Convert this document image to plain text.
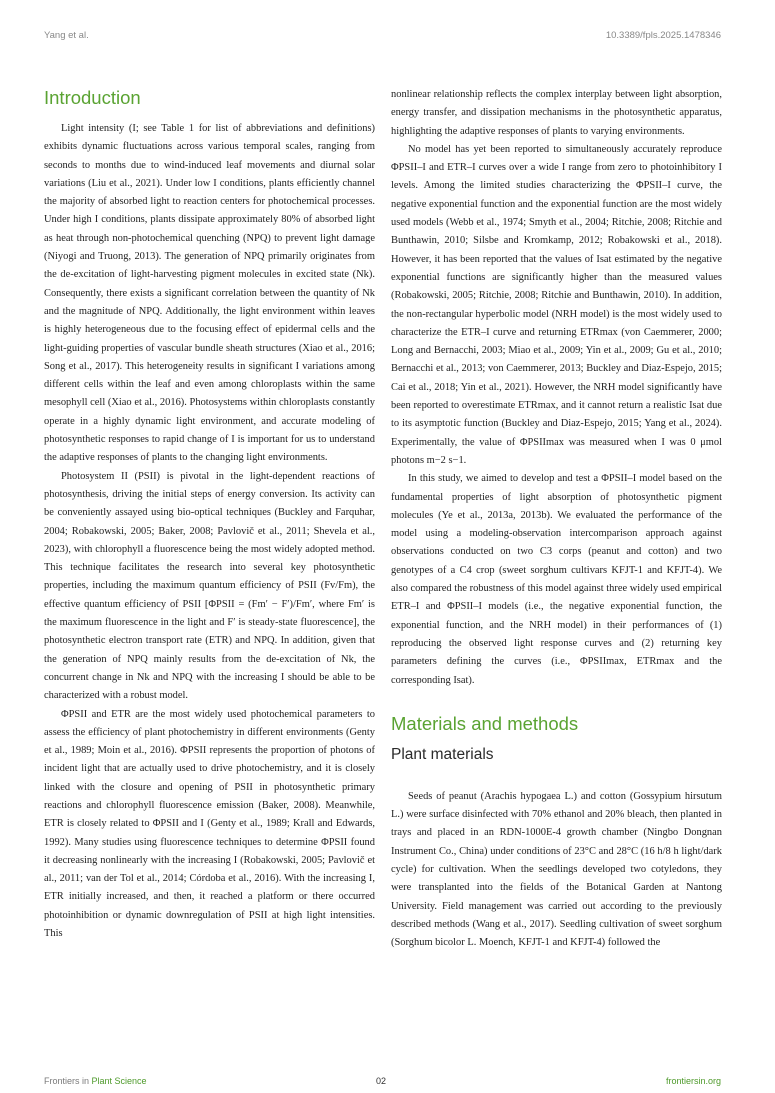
Yang et al.	10.3389/fpls.2025.1478346
Introduction

Light intensity (I; see Table 1 for list of abbreviations and definitions) exhibits dynamic fluctuations across various temporal scales, ranging from seconds to months due to wind-induced leaf movements and diurnal solar variations (Liu et al., 2021). Under low I conditions, plants efficiently channel the majority of absorbed light to reaction centers for photochemical processes. Under high I conditions, plants dissipate approximately 80% of absorbed light as heat through non-photochemical quenching (NPQ) to prevent light damage (Niyogi and Truong, 2013). The generation of NPQ primarily originates from the de-excitation of light-harvesting pigment molecules in excited state (Nk). Consequently, there exists a significant correlation between the quantity of Nk and the magnitude of NPQ. Additionally, the light environment within leaves is highly heterogeneous due to the focusing effect of epidermal cells and the light-guiding properties of vascular bundle sheath structures (Xiao et al., 2016; Song et al., 2017). This heterogeneity results in significant I variations among different cells within the leaf and even among chloroplasts within the same mesophyll cell (Xiao et al., 2016). Photosystems within chloroplasts constantly operate in a highly dynamic light environment, and accurate modeling of photosynthetic responses to rapid change of I is important for us to understand the adaptive responses of plants to the changing light environments.

Photosystem II (PSII) is pivotal in the light-dependent reactions of photosynthesis, driving the initial steps of energy conversion. Its activity can be conveniently assayed using bio-optical techniques (Buckley and Farquhar, 2004; Robakowski, 2005; Baker, 2008; Pavlovič et al., 2011; Shevela et al., 2023), with chlorophyll a fluorescence being the most widely adopted method. This technique facilitates the research into several key photosynthetic properties, including the maximum quantum efficiency of PSII (Fv/Fm), the effective quantum efficiency of PSII [ΦPSII = (Fm′ − F′)/Fm′, where Fm′ is the maximum fluorescence in the light and F′ is steady-state fluorescence], the photosynthetic electron transport rate (ETR) and NPQ. In addition, given that the generation of NPQ mainly results from the de-excitation of Nk, the concurrent change in Nk and NPQ with the increasing I should be able to be characterized with a robust model.

ΦPSII and ETR are the most widely used photochemical parameters to assess the efficiency of plant photochemistry in different environments (Genty et al., 1989; Moin et al., 2016). ΦPSII represents the proportion of photons of incident light that are actually used to drive photochemistry, and it is closely linked with the closure and opening of PSII in photosynthetic primary reactions and chlorophyll fluorescence emission (Baker, 2008). Meanwhile, ETR is closely related to ΦPSII and I (Genty et al., 1989; Krall and Edwards, 1992). Many studies using fluorescence techniques to determine ΦPSII found it decreasing nonlinearly with the increasing I (Robakowski, 2005; Pavlovič et al., 2011; van der Tol et al., 2014; Córdoba et al., 2016). With the increasing I, ETR initially increased, and then, it reached a platform or there occurred photoinhibition or dynamic downregulation of PSII at high light intensities. This

nonlinear relationship reflects the complex interplay between light absorption, energy transfer, and dissipation mechanisms in the photosynthetic apparatus, highlighting the adaptive responses of plants to varying environments.

No model has yet been reported to simultaneously accurately reproduce ΦPSII–I and ETR–I curves over a wide I range from zero to photoinhibitory I levels. Among the limited studies characterizing the ΦPSII–I curve, the negative exponential function and the exponential function are the most widely used models (Webb et al., 1974; Smyth et al., 2004; Ritchie, 2008; Ritchie and Bunthawin, 2010; Silsbe and Kromkamp, 2012; Robakowski et al., 2018). However, it has been reported that the values of Isat estimated by the negative exponential functions are significantly higher than the measured values (Robakowski, 2005; Ritchie, 2008; Ritchie and Bunthawin, 2010). In addition, the non-rectangular hyperbolic model (NRH model) is the most widely used to characterize the ETR–I curve and returning ETRmax (von Caemmerer, 2000; Long and Bernacchi, 2003; Miao et al., 2009; Yin et al., 2009; Gu et al., 2010; Bernacchi et al., 2013; von Caemmerer, 2013; Buckley and Diaz-Espejo, 2015; Cai et al., 2018; Yin et al., 2021). However, the NRH model significantly have been reported to overestimate ETRmax, and it cannot return a realistic Isat due to its asymptotic function (Buckley and Diaz-Espejo, 2015; Yang et al., 2024). Experimentally, the value of ΦPSIImax was measured when I was 0 μmol photons m−2 s−1.

In this study, we aimed to develop and test a ΦPSII–I model based on the fundamental properties of light absorption of photosynthetic pigment molecules (Ye et al., 2013a, 2013b). We evaluated the performance of the model using a modeling-observation intercomparison approach against observations conducted on two C3 corps (peanut and cotton) and two genotypes of a C4 crop (sweet sorghum cultivars KFJT-1 and KFJT-4). We also compared the robustness of this model against three widely used empirical ETR–I and ΦPSII–I models (i.e., the negative exponential function, the exponential function, and the NRH model) in their performances of (1) reproducing the observed light response curves and (2) returning key parameters defining the curves (i.e., ΦPSIImax, ETRmax and the corresponding Isat).

Materials and methods
Plant materials

Seeds of peanut (Arachis hypogaea L.) and cotton (Gossypium hirsutum L.) were surface disinfected with 70% ethanol and 20% bleach, then planted in trays and placed in an RDN-1000E-4 growth chamber (Ningbo Dongnan Instrument Co., China) under conditions of 23°C and 28°C (16 h/8 h light/dark cycle) for cultivation. When the seedlings developed two cotyledons, they were transplanted into the fields of the Botanical Garden at Nantong University. Field management was carried out according to the previously described methods (Wang et al., 2017). Seedling cultivation of sweet sorghum (Sorghum bicolor L. Moench, KFJT-1 and KFJT-4) followed the

Frontiers in Plant Science	02	frontiersin.org
